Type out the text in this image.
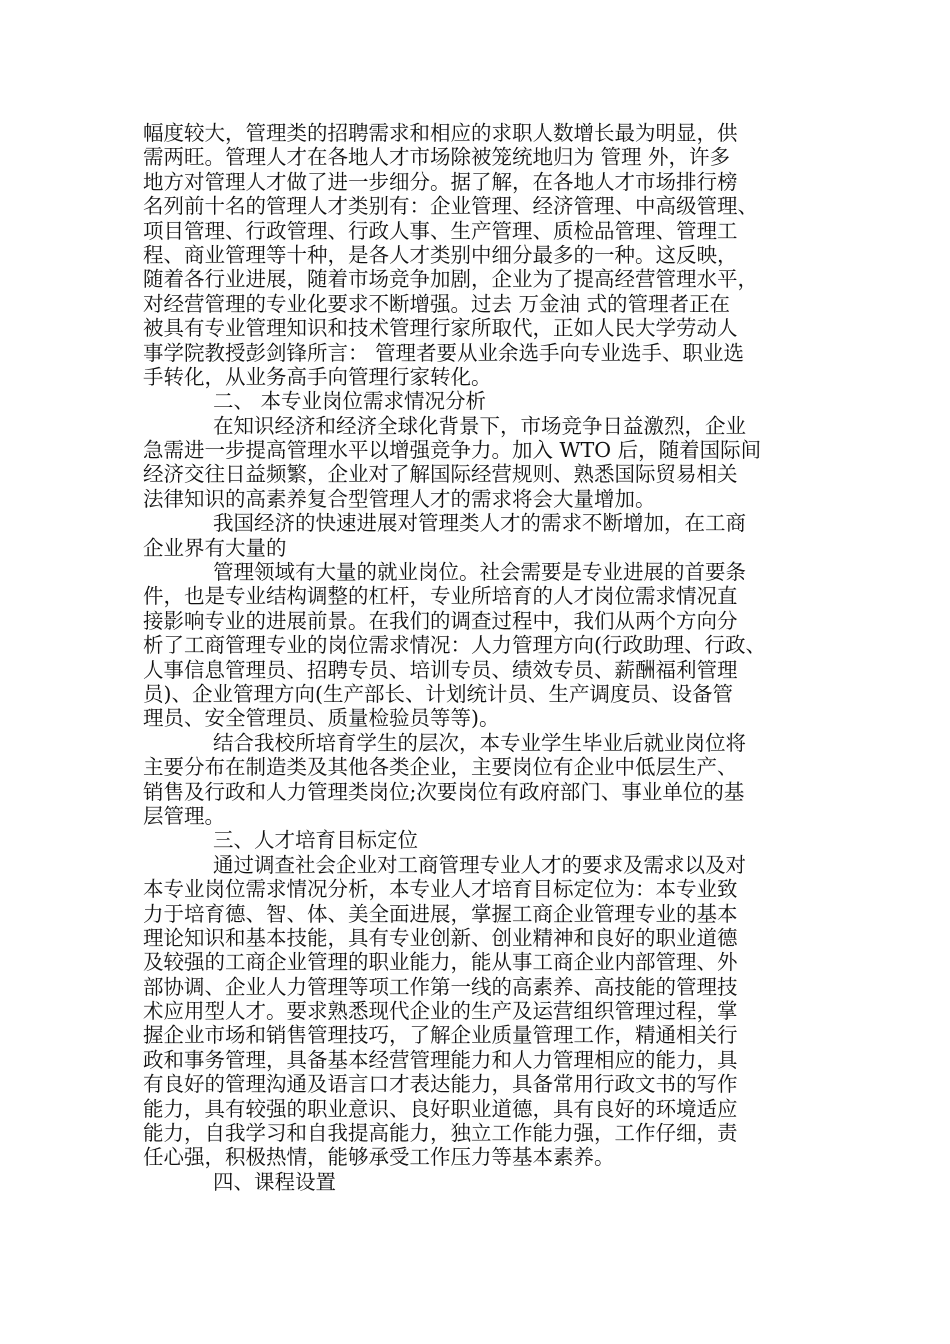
幅度较大，管理类的招聘需求和相应的求职人数增长最为明显，供
需两旺。管理人才在各地人才市场除被笼统地归为 管理 外，许多
地方对管理人才做了进一步细分。据了解，在各地人才市场排行榜
名列前十名的管理人才类别有：企业管理、经济管理、中高级管理、
项目管理、行政管理、行政人事、生产管理、质检品管理、管理工
程、商业管理等十种，是各人才类别中细分最多的一种。这反映，
随着各行业进展，随着市场竞争加剧，企业为了提高经营管理水平，
对经营管理的专业化要求不断增强。过去 万金油 式的管理者正在
被具有专业管理知识和技术管理行家所取代，正如人民大学劳动人
事学院教授彭剑锋所言： 管理者要从业余选手向专业选手、职业选
手转化，从业务高手向管理行家转化。
二、 本专业岗位需求情况分析
在知识经济和经济全球化背景下，市场竞争日益激烈，企业
急需进一步提高管理水平以增强竞争力。加入 WTO 后，随着国际间
经济交往日益频繁，企业对了解国际经营规则、熟悉国际贸易相关
法律知识的高素养复合型管理人才的需求将会大量增加。
我国经济的快速进展对管理类人才的需求不断增加，在工商
企业界有大量的
管理领域有大量的就业岗位。社会需要是专业进展的首要条
件，也是专业结构调整的杠杆，专业所培育的人才岗位需求情况直
接影响专业的进展前景。在我们的调查过程中，我们从两个方向分
析了工商管理专业的岗位需求情况：人力管理方向(行政助理、行政、
人事信息管理员、招聘专员、培训专员、绩效专员、薪酬福利管理
员)、企业管理方向(生产部长、计划统计员、生产调度员、设备管
理员、安全管理员、质量检验员等等)。
结合我校所培育学生的层次，本专业学生毕业后就业岗位将
主要分布在制造类及其他各类企业，主要岗位有企业中低层生产、
销售及行政和人力管理类岗位;次要岗位有政府部门、事业单位的基
层管理。
三、人才培育目标定位
通过调查社会企业对工商管理专业人才的要求及需求以及对
本专业岗位需求情况分析，本专业人才培育目标定位为：本专业致
力于培育德、智、体、美全面进展，掌握工商企业管理专业的基本
理论知识和基本技能，具有专业创新、创业精神和良好的职业道德
及较强的工商企业管理的职业能力，能从事工商企业内部管理、外
部协调、企业人力管理等项工作第一线的高素养、高技能的管理技
术应用型人才。要求熟悉现代企业的生产及运营组织管理过程，掌
握企业市场和销售管理技巧，了解企业质量管理工作，精通相关行
政和事务管理，具备基本经营管理能力和人力管理相应的能力，具
有良好的管理沟通及语言口才表达能力，具备常用行政文书的写作
能力，具有较强的职业意识、良好职业道德，具有良好的环境适应
能力，自我学习和自我提高能力，独立工作能力强，工作仔细，责
任心强，积极热情，能够承受工作压力等基本素养。
四、课程设置
